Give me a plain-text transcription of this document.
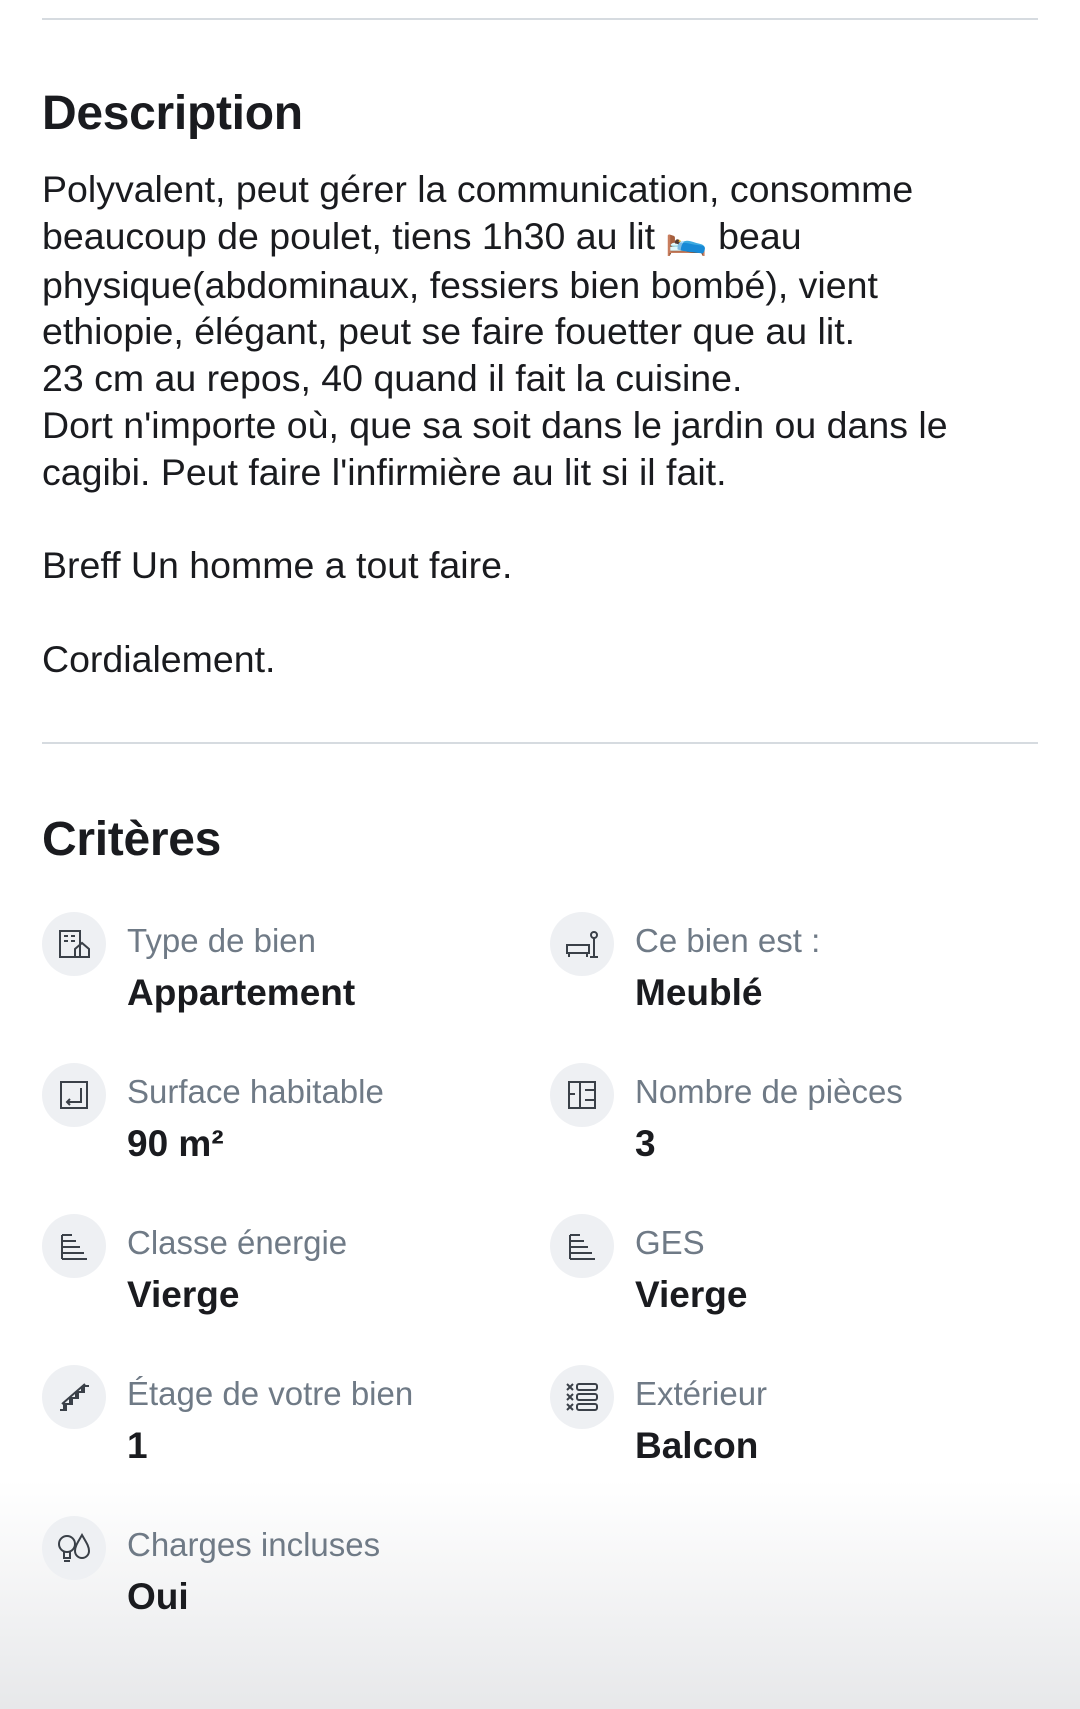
Description
Polyvalent, peut gérer la communication, consomme
beaucoup de poulet, tiens 1h30 au lit 🛌 beau
physique(abdominaux, fessiers bien bombé), vient
ethiopie, élégant, peut se faire fouetter que au lit.
23 cm au repos, 40 quand il fait la cuisine.
Dort n'importe où, que sa soit dans le jardin ou dans le
cagibi. Peut faire l'infirmière au lit si il fait.
Breff Un homme a tout faire.
Cordialement.
Critères
Type de bien
Appartement
Ce bien est :
Meublé
Surface habitable
90 m²
Nombre de pièces
3
Classe énergie
Vierge
GES
Vierge
Étage de votre bien
1
Extérieur
Balcon
Charges incluses
Oui
